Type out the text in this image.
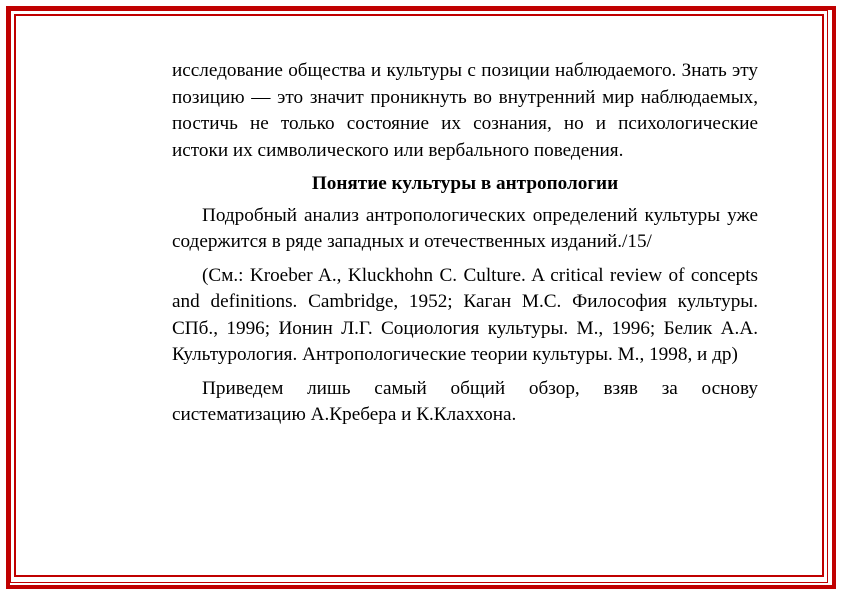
исследование общества и культуры с позиции наблюдаемого. Знать эту позицию — это значит проникнуть во внутренний мир наблюдаемых, постичь не только состояние их сознания, но и психологические истоки их символического или вербального поведения.

Понятие культуры в антропологии

Подробный анализ антропологических определений культуры уже содержится в ряде западных и отечественных изданий./15/

(См.: Kroeber A., Kluckhohn C. Culture. A critical review of concepts and definitions. Cambridge, 1952; Каган М.С. Философия культуры. СПб., 1996; Ионин Л.Г. Социология культуры. М., 1996; Белик А.А. Культурология. Антропологические теории культуры. М., 1998, и др)

Приведем лишь самый общий обзор, взяв за основу систематизацию А.Кребера и К.Клаххона.
